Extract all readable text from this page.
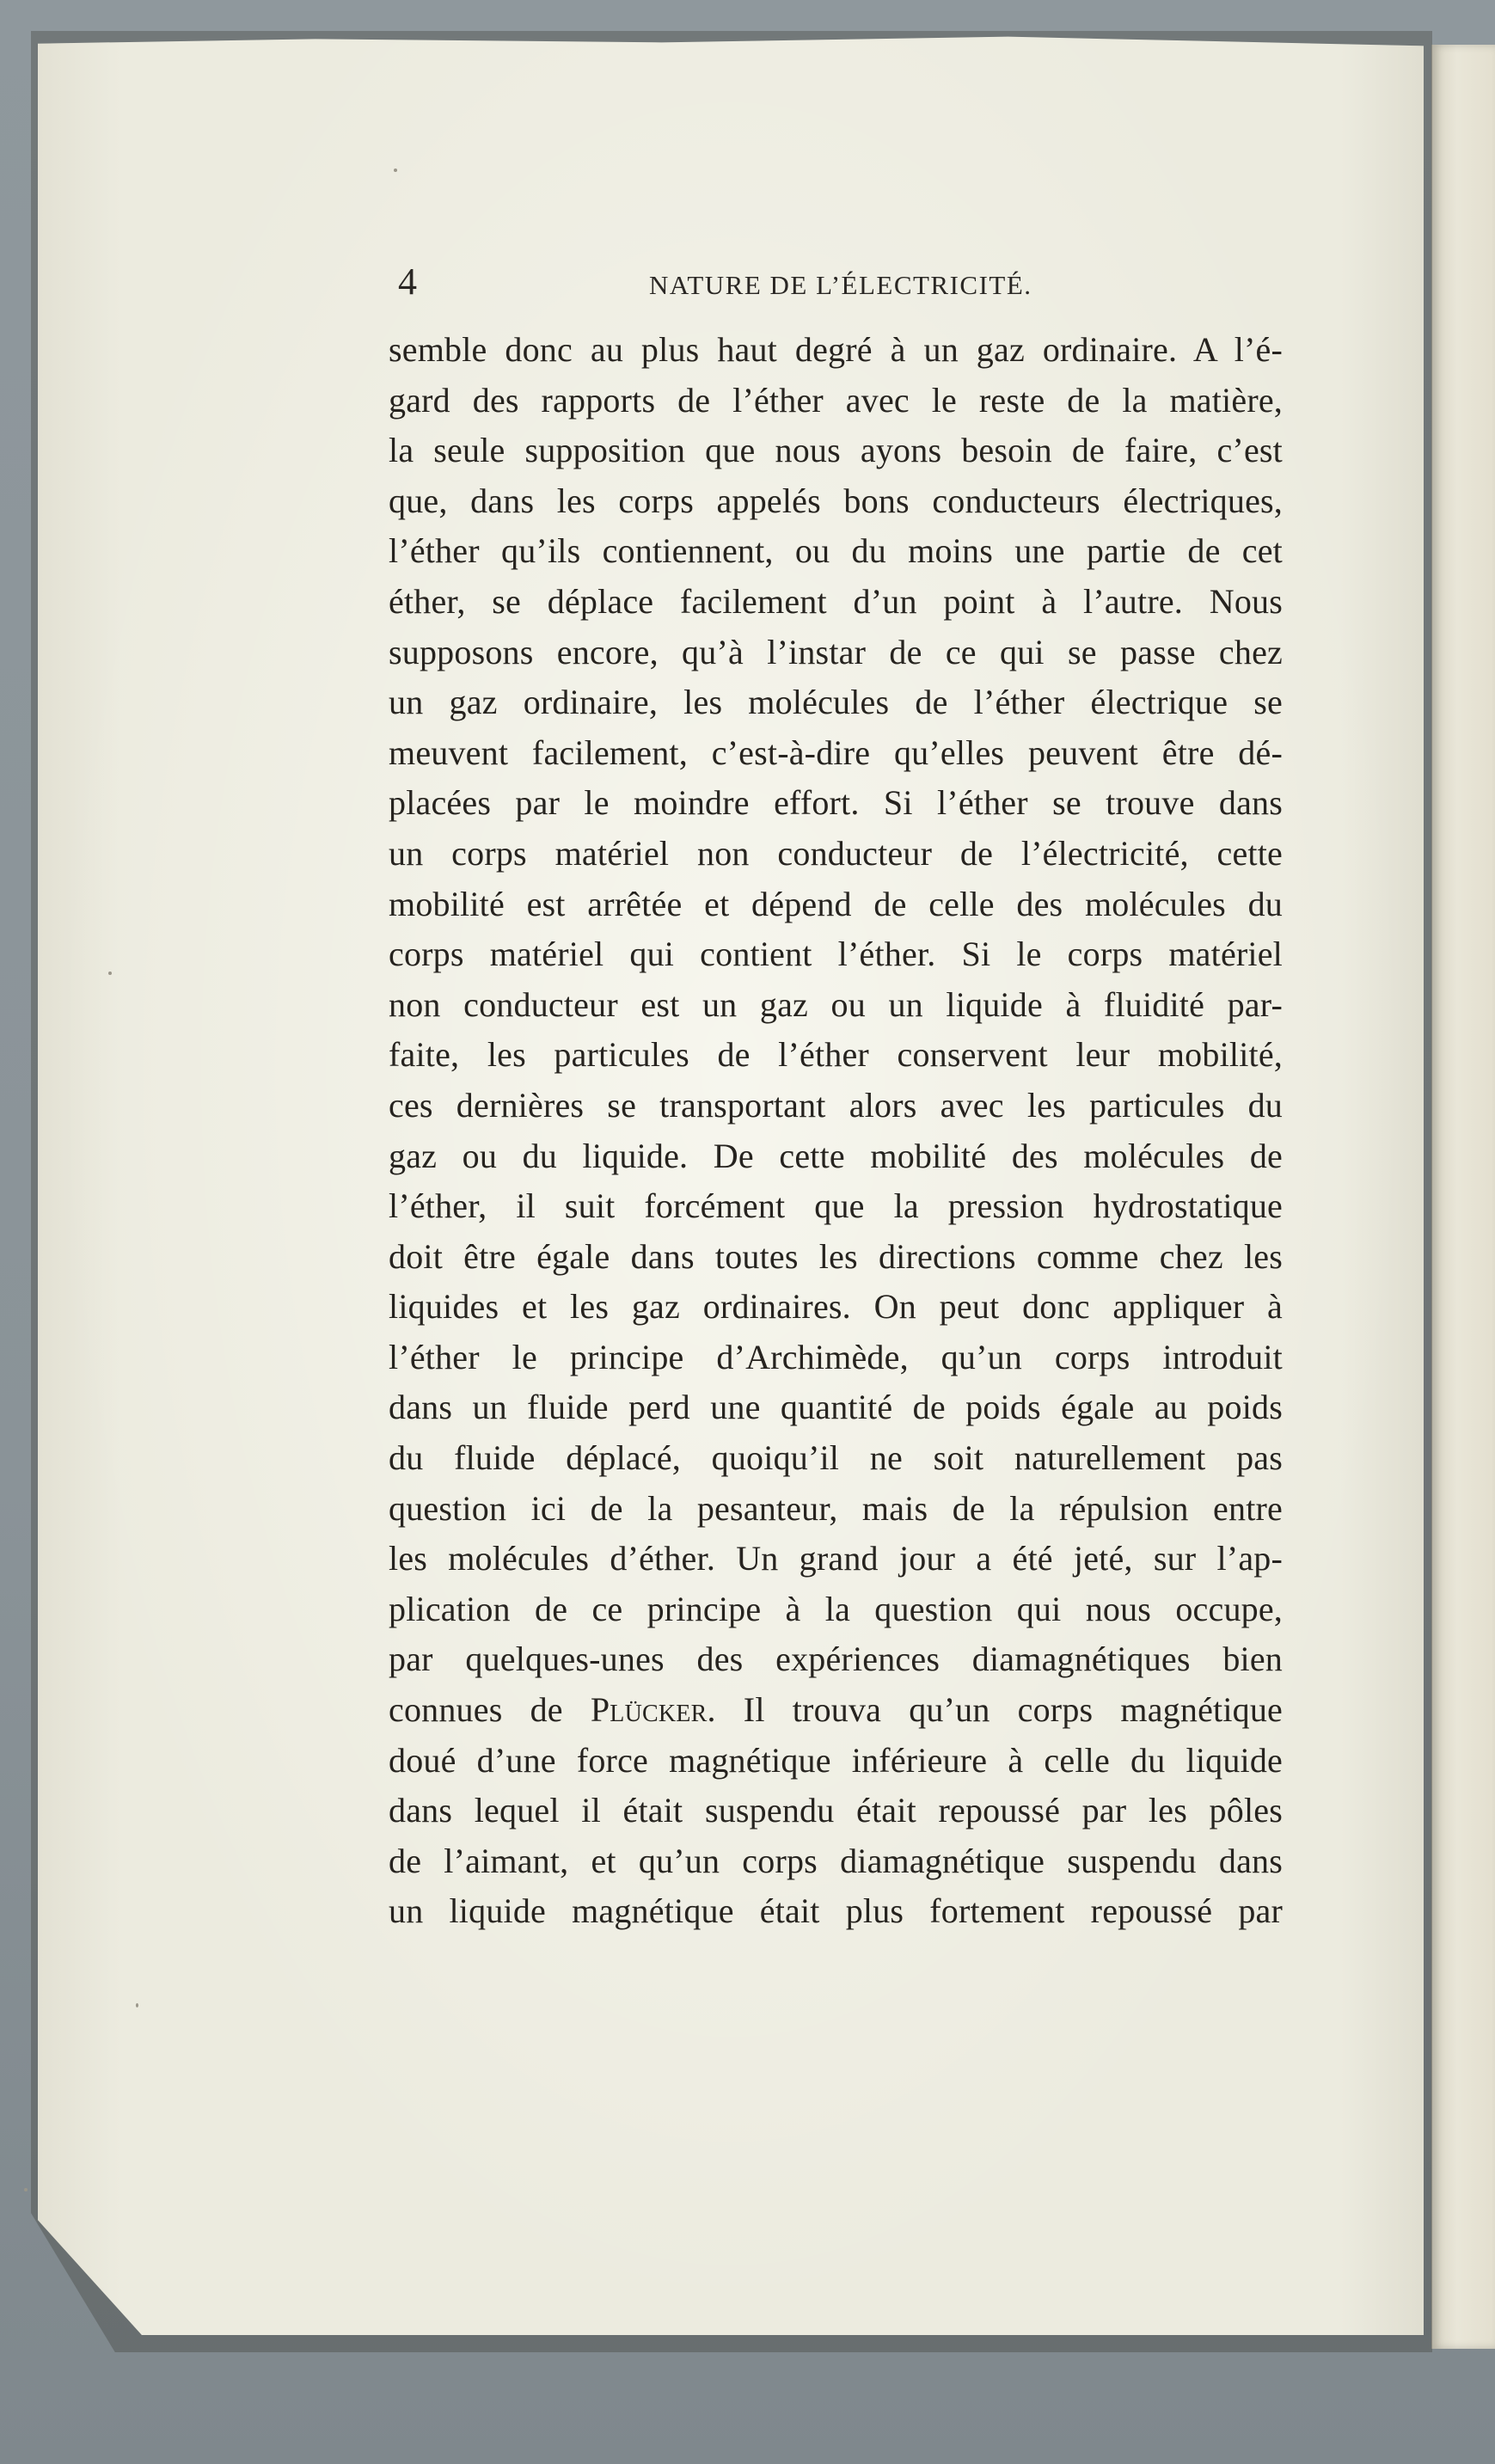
4	NATURE DE L’ÉLECTRICITÉ.
semble donc au plus haut degré à un gaz ordinaire. A l’é-
gard des rapports de l’éther avec le reste de la matière,
la seule supposition que nous ayons besoin de faire, c’est
que, dans les corps appelés bons conducteurs électriques,
l’éther qu’ils contiennent, ou du moins une partie de cet
éther, se déplace facilement d’un point à l’autre. Nous
supposons encore, qu’à l’instar de ce qui se passe chez
un gaz ordinaire, les molécules de l’éther électrique se
meuvent facilement, c’est-à-dire qu’elles peuvent être dé-
placées par le moindre effort. Si l’éther se trouve dans
un corps matériel non conducteur de l’électricité, cette
mobilité est arrêtée et dépend de celle des molécules du
corps matériel qui contient l’éther. Si le corps matériel
non conducteur est un gaz ou un liquide à fluidité par-
faite, les particules de l’éther conservent leur mobilité,
ces dernières se transportant alors avec les particules du
gaz ou du liquide. De cette mobilité des molécules de
l’éther, il suit forcément que la pression hydrostatique
doit être égale dans toutes les directions comme chez les
liquides et les gaz ordinaires. On peut donc appliquer à
l’éther le principe d’Archimède, qu’un corps introduit
dans un fluide perd une quantité de poids égale au poids
du fluide déplacé, quoiqu’il ne soit naturellement pas
question ici de la pesanteur, mais de la répulsion entre
les molécules d’éther. Un grand jour a été jeté, sur l’ap-
plication de ce principe à la question qui nous occupe,
par quelques-unes des expériences diamagnétiques bien
connues de Plücker. Il trouva qu’un corps magnétique
doué d’une force magnétique inférieure à celle du liquide
dans lequel il était suspendu était repoussé par les pôles
de l’aimant, et qu’un corps diamagnétique suspendu dans
un liquide magnétique était plus fortement repoussé par
